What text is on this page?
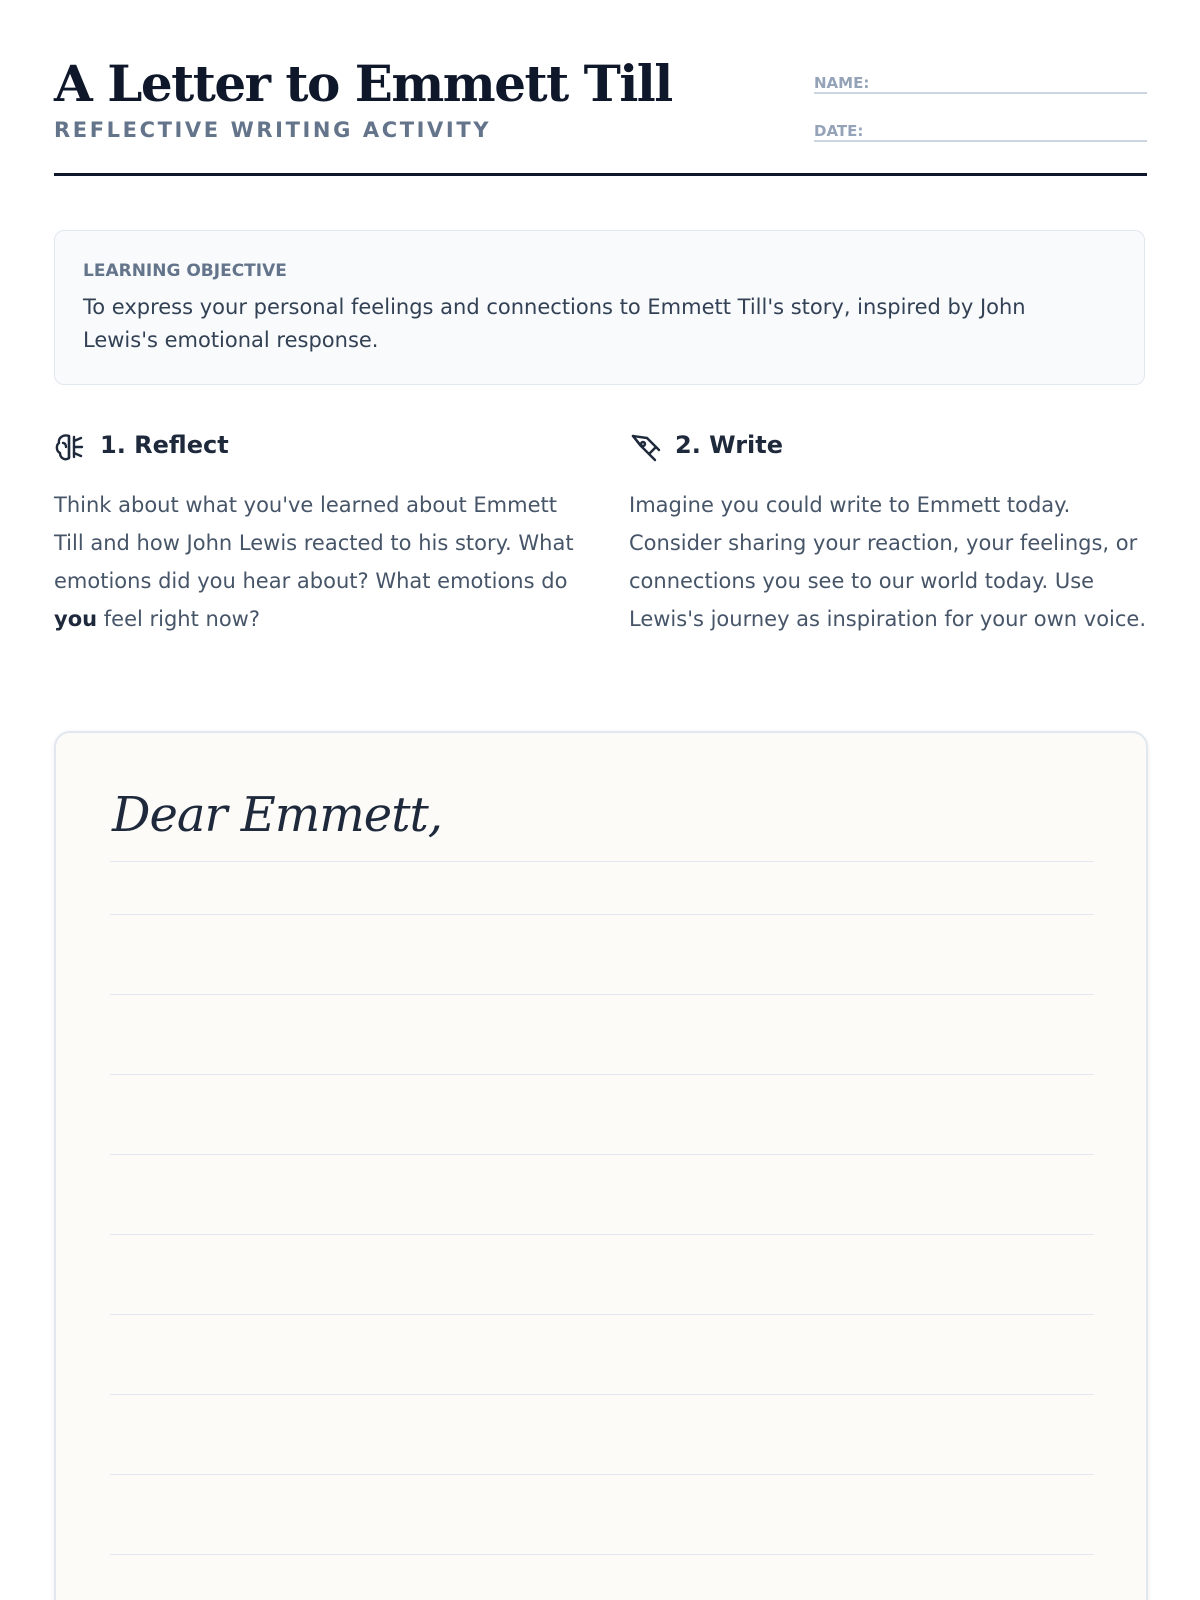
A Letter to Emmett Till
REFLECTIVE WRITING ACTIVITY
NAME:
DATE:
LEARNING OBJECTIVE
To express your personal feelings and connections to Emmett Till's story, inspired by John Lewis's emotional response.
1. Reflect
Think about what you've learned about Emmett Till and how John Lewis reacted to his story. What emotions did you hear about? What emotions do you feel right now?
2. Write
Imagine you could write to Emmett today. Consider sharing your reaction, your feelings, or connections you see to our world today. Use Lewis's journey as inspiration for your own voice.
Dear Emmett,
